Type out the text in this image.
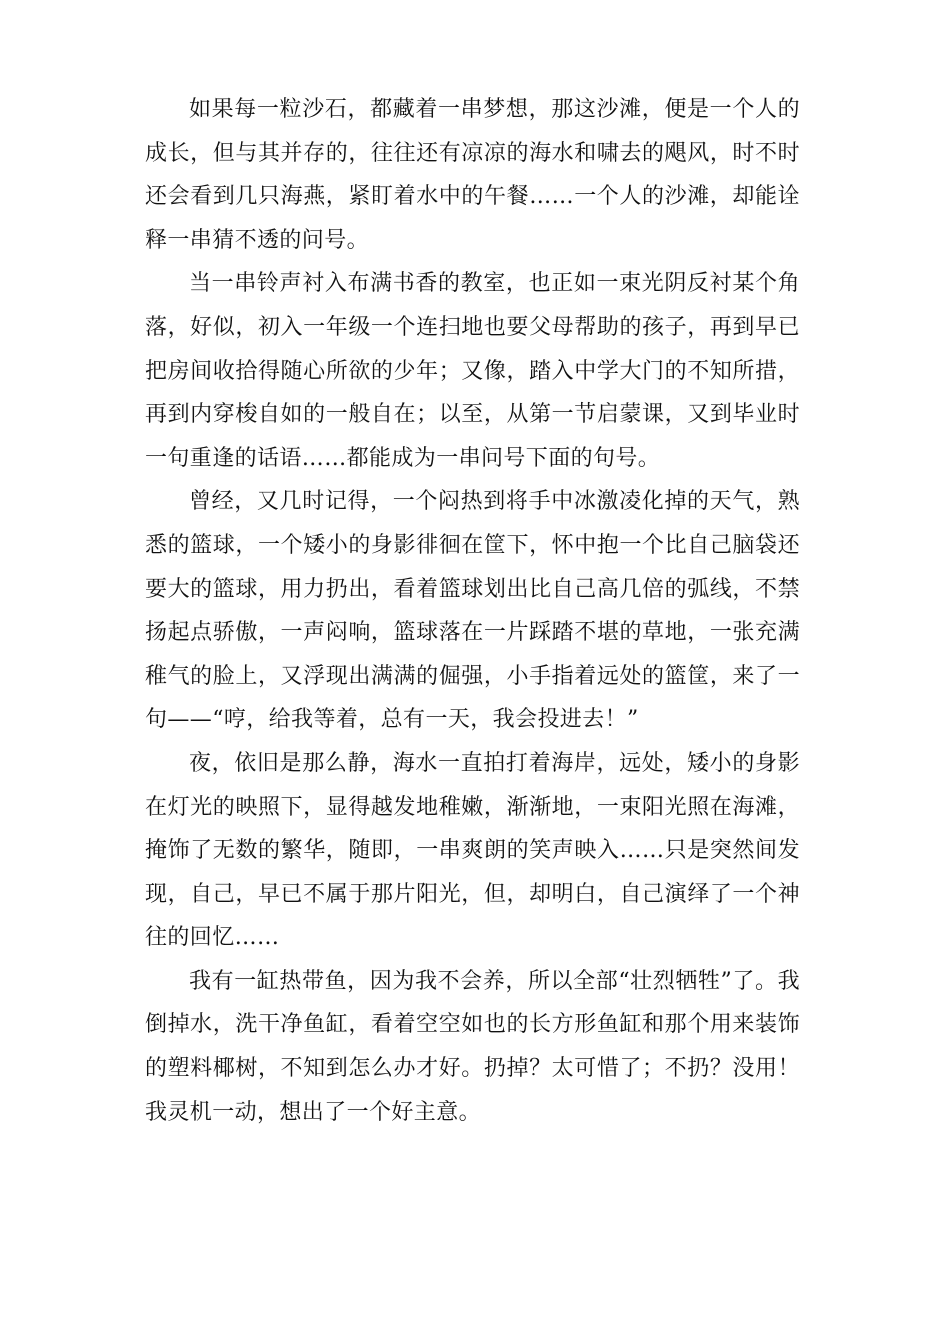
如果每一粒沙石，都藏着一串梦想，那这沙滩，便是一个人的成长，但与其并存的，往往还有凉凉的海水和啸去的飓风，时不时还会看到几只海燕，紧盯着水中的午餐……一个人的沙滩，却能诠释一串猜不透的问号。

当一串铃声衬入布满书香的教室，也正如一束光阴反衬某个角落，好似，初入一年级一个连扫地也要父母帮助的孩子，再到早已把房间收拾得随心所欲的少年；又像，踏入中学大门的不知所措，再到内穿梭自如的一般自在；以至，从第一节启蒙课，又到毕业时一句重逢的话语……都能成为一串问号下面的句号。

曾经，又几时记得，一个闷热到将手中冰激凌化掉的天气，熟悉的篮球，一个矮小的身影徘徊在筐下，怀中抱一个比自己脑袋还要大的篮球，用力扔出，看着篮球划出比自己高几倍的弧线，不禁扬起点骄傲，一声闷响，篮球落在一片踩踏不堪的草地，一张充满稚气的脸上，又浮现出满满的倔强，小手指着远处的篮筐，来了一句——“哼，给我等着，总有一天，我会投进去！”

夜，依旧是那么静，海水一直拍打着海岸，远处，矮小的身影在灯光的映照下，显得越发地稚嫩，渐渐地，一束阳光照在海滩，掩饰了无数的繁华，随即，一串爽朗的笑声映入……只是突然间发现，自己，早已不属于那片阳光，但，却明白，自己演绎了一个神往的回忆……

我有一缸热带鱼，因为我不会养，所以全部“壮烈牺牲”了。我倒掉水，洗干净鱼缸，看着空空如也的长方形鱼缸和那个用来装饰的塑料椰树，不知到怎么办才好。扔掉？太可惜了；不扔？没用！我灵机一动，想出了一个好主意。
